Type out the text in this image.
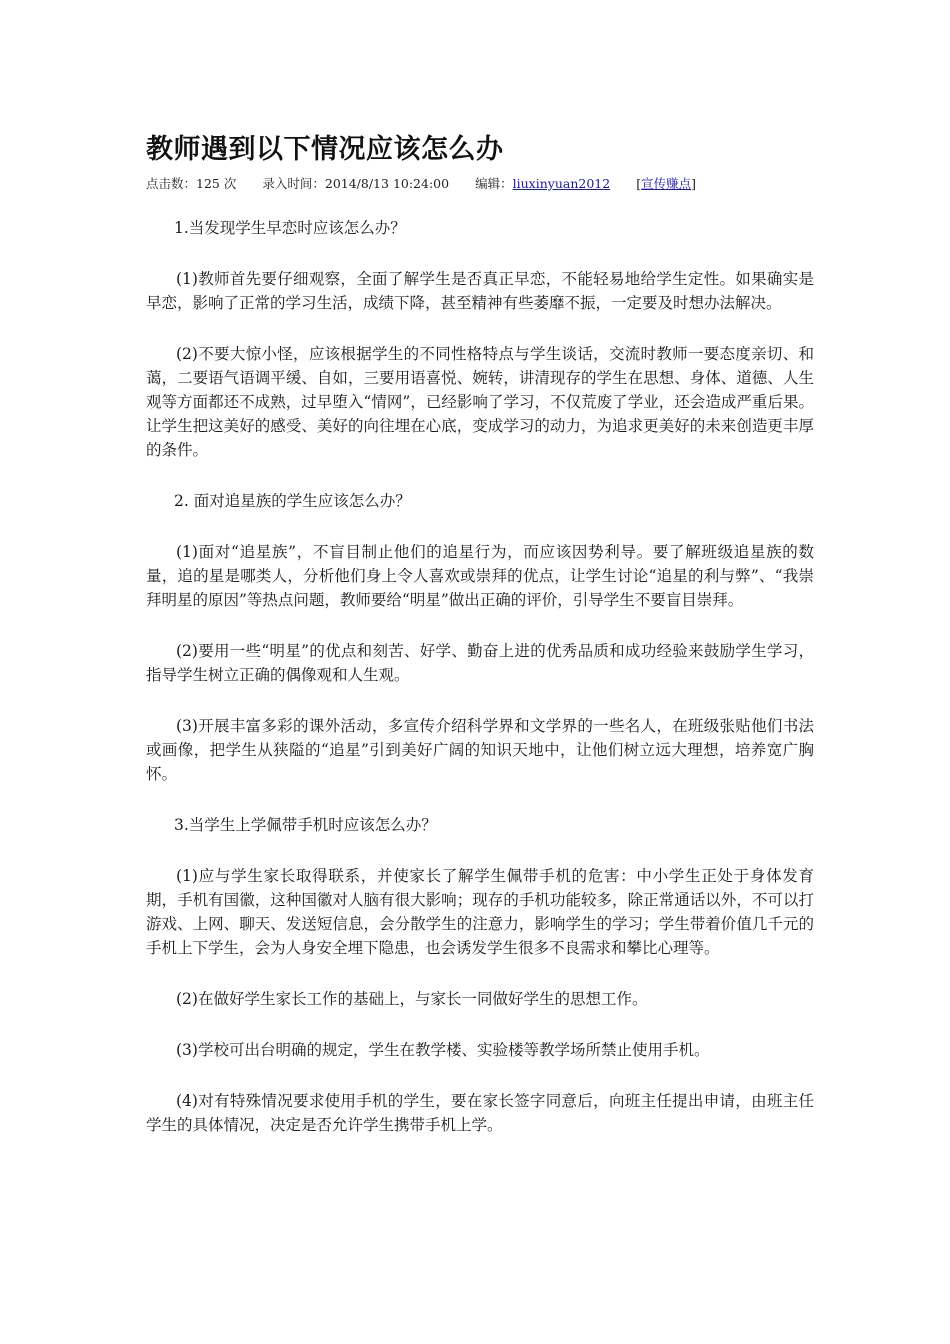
教师遇到以下情况应该怎么办
点击数：125 次 录入时间：2014/8/13 10:24:00 编辑：liuxinyuan2012 [宣传赚点]

1.当发现学生早恋时应该怎么办？

(1)教师首先要仔细观察，全面了解学生是否真正早恋，不能轻易地给学生定性。如果确实是早恋，影响了正常的学习生活，成绩下降，甚至精神有些萎靡不振，一定要及时想办法解决。

(2)不要大惊小怪，应该根据学生的不同性格特点与学生谈话，交流时教师一要态度亲切、和蔼，二要语气语调平缓、自如，三要用语喜悦、婉转，讲清现存的学生在思想、身体、道德、人生观等方面都还不成熟，过早堕入“情网”，已经影响了学习，不仅荒废了学业，还会造成严重后果。让学生把这美好的感受、美好的向往埋在心底，变成学习的动力，为追求更美好的未来创造更丰厚的条件。

2. 面对追星族的学生应该怎么办？

(1)面对“追星族”，不盲目制止他们的追星行为，而应该因势利导。要了解班级追星族的数量，追的星是哪类人，分析他们身上令人喜欢或崇拜的优点，让学生讨论“追星的利与弊”、“我崇拜明星的原因”等热点问题，教师要给“明星”做出正确的评价，引导学生不要盲目崇拜。

(2)要用一些“明星”的优点和刻苦、好学、勤奋上进的优秀品质和成功经验来鼓励学生学习，指导学生树立正确的偶像观和人生观。

(3)开展丰富多彩的课外活动，多宣传介绍科学界和文学界的一些名人，在班级张贴他们书法或画像，把学生从狭隘的“追星”引到美好广阔的知识天地中，让他们树立远大理想，培养宽广胸怀。

3.当学生上学佩带手机时应该怎么办？

(1)应与学生家长取得联系，并使家长了解学生佩带手机的危害：中小学生正处于身体发育期，手机有国徽，这种国徽对人脑有很大影响；现存的手机功能较多，除正常通话以外，不可以打游戏、上网、聊天、发送短信息，会分散学生的注意力，影响学生的学习；学生带着价值几千元的手机上下学生，会为人身安全埋下隐患，也会诱发学生很多不良需求和攀比心理等。

(2)在做好学生家长工作的基础上，与家长一同做好学生的思想工作。

(3)学校可出台明确的规定，学生在教学楼、实验楼等教学场所禁止使用手机。

(4)对有特殊情况要求使用手机的学生，要在家长签字同意后，向班主任提出申请，由班主任学生的具体情况，决定是否允许学生携带手机上学。
